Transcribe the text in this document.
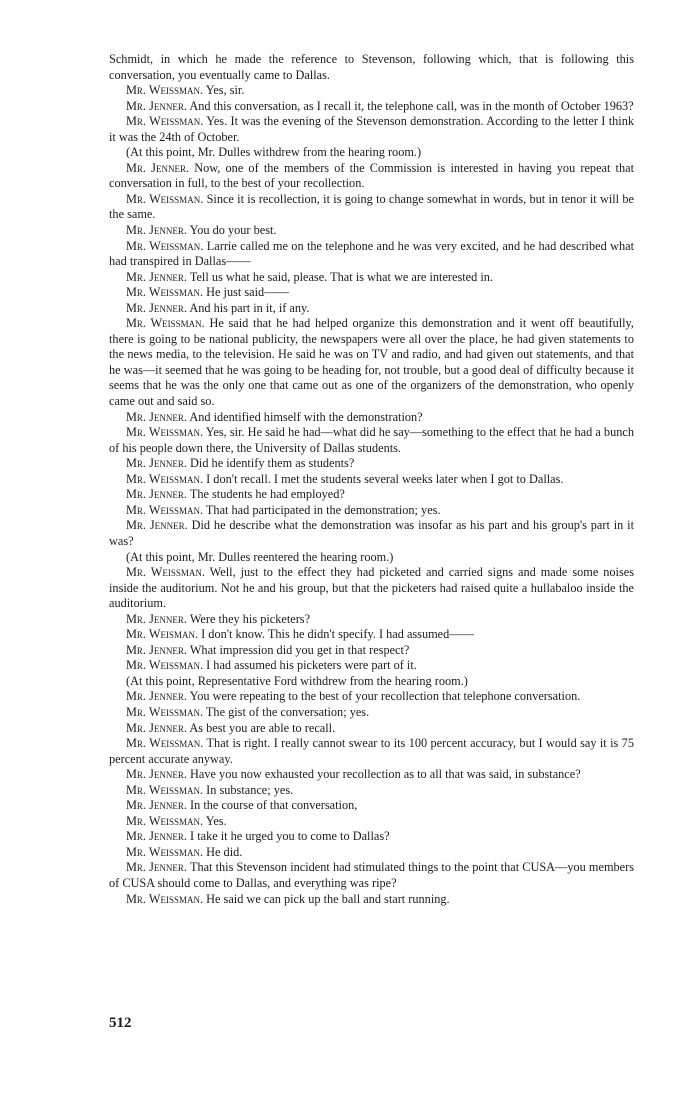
Schmidt, in which he made the reference to Stevenson, following which, that is following this conversation, you eventually came to Dallas.

Mr. Weissman. Yes, sir.

Mr. Jenner. And this conversation, as I recall it, the telephone call, was in the month of October 1963?

Mr. Weissman. Yes. It was the evening of the Stevenson demonstration. According to the letter I think it was the 24th of October.

(At this point, Mr. Dulles withdrew from the hearing room.)

Mr. Jenner. Now, one of the members of the Commission is interested in having you repeat that conversation in full, to the best of your recollection.

Mr. Weissman. Since it is recollection, it is going to change somewhat in words, but in tenor it will be the same.

Mr. Jenner. You do your best.

Mr. Weissman. Larrie called me on the telephone and he was very excited, and he had described what had transpired in Dallas——

Mr. Jenner. Tell us what he said, please. That is what we are interested in.

Mr. Weissman. He just said——

Mr. Jenner. And his part in it, if any.

Mr. Weissman. He said that he had helped organize this demonstration and it went off beautifully, there is going to be national publicity, the newspapers were all over the place, he had given statements to the news media, to the television. He said he was on TV and radio, and had given out statements, and that he was—it seemed that he was going to be heading for, not trouble, but a good deal of difficulty because it seems that he was the only one that came out as one of the organizers of the demonstration, who openly came out and said so.

Mr. Jenner. And identified himself with the demonstration?

Mr. Weissman. Yes, sir. He said he had—what did he say—something to the effect that he had a bunch of his people down there, the University of Dallas students.

Mr. Jenner. Did he identify them as students?

Mr. Weissman. I don't recall. I met the students several weeks later when I got to Dallas.

Mr. Jenner. The students he had employed?

Mr. Weissman. That had participated in the demonstration; yes.

Mr. Jenner. Did he describe what the demonstration was insofar as his part and his group's part in it was?

(At this point, Mr. Dulles reentered the hearing room.)

Mr. Weissman. Well, just to the effect they had picketed and carried signs and made some noises inside the auditorium. Not he and his group, but that the picketers had raised quite a hullabaloo inside the auditorium.

Mr. Jenner. Were they his picketers?

Mr. Weisman. I don't know. This he didn't specify. I had assumed——

Mr. Jenner. What impression did you get in that respect?

Mr. Weissman. I had assumed his picketers were part of it.

(At this point, Representative Ford withdrew from the hearing room.)

Mr. Jenner. You were repeating to the best of your recollection that telephone conversation.

Mr. Weissman. The gist of the conversation; yes.

Mr. Jenner. As best you are able to recall.

Mr. Weissman. That is right. I really cannot swear to its 100 percent accuracy, but I would say it is 75 percent accurate anyway.

Mr. Jenner. Have you now exhausted your recollection as to all that was said, in substance?

Mr. Weissman. In substance; yes.

Mr. Jenner. In the course of that conversation,

Mr. Weissman. Yes.

Mr. Jenner. I take it he urged you to come to Dallas?

Mr. Weissman. He did.

Mr. Jenner. That this Stevenson incident had stimulated things to the point that CUSA—you members of CUSA should come to Dallas, and everything was ripe?

Mr. Weissman. He said we can pick up the ball and start running.

512
